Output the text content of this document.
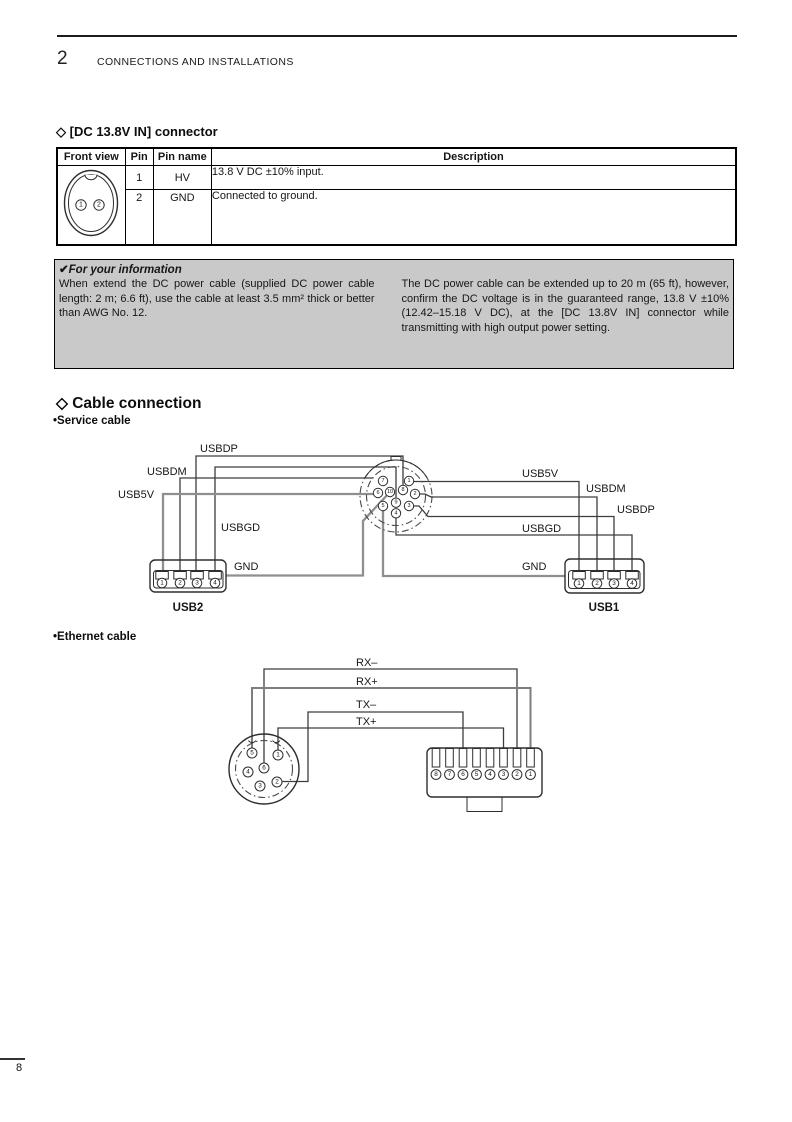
2	CONNECTIONS AND INSTALLATIONS
◇ [DC 13.8V IN] connector
Front view	Pin	Pin name	Description

1 2	1	HV	13.8 V DC ±10% input.
	2	GND	Connected to ground.
✔For your information
When extend the DC power cable (supplied DC power cable length: 2 m; 6.6 ft), use the cable at least 3.5 mm² thick or better than AWG No. 12.
The DC power cable can be extended up to 20 m (65 ft), however, confirm the DC voltage is in the guaranteed range, 13.8 V ±10% (12.42–15.18 V DC), at the [DC 13.8V IN] connector while transmitting with high output power setting.
◇ Cable connection
•Service cable
7	1
6 10 8
2
5
9
3
4
1 2 3 4
USB2
1 2 3 4
USB1
USBDP
USBDM
USB5V
USBGD
GND
USB5V
USBDM
USBDP
USBGD
GND
•Ethernet cable
5	1
4
6
2
3
8 7 6 5 4 3 2 1
RX–
RX+
TX–
TX+
8
